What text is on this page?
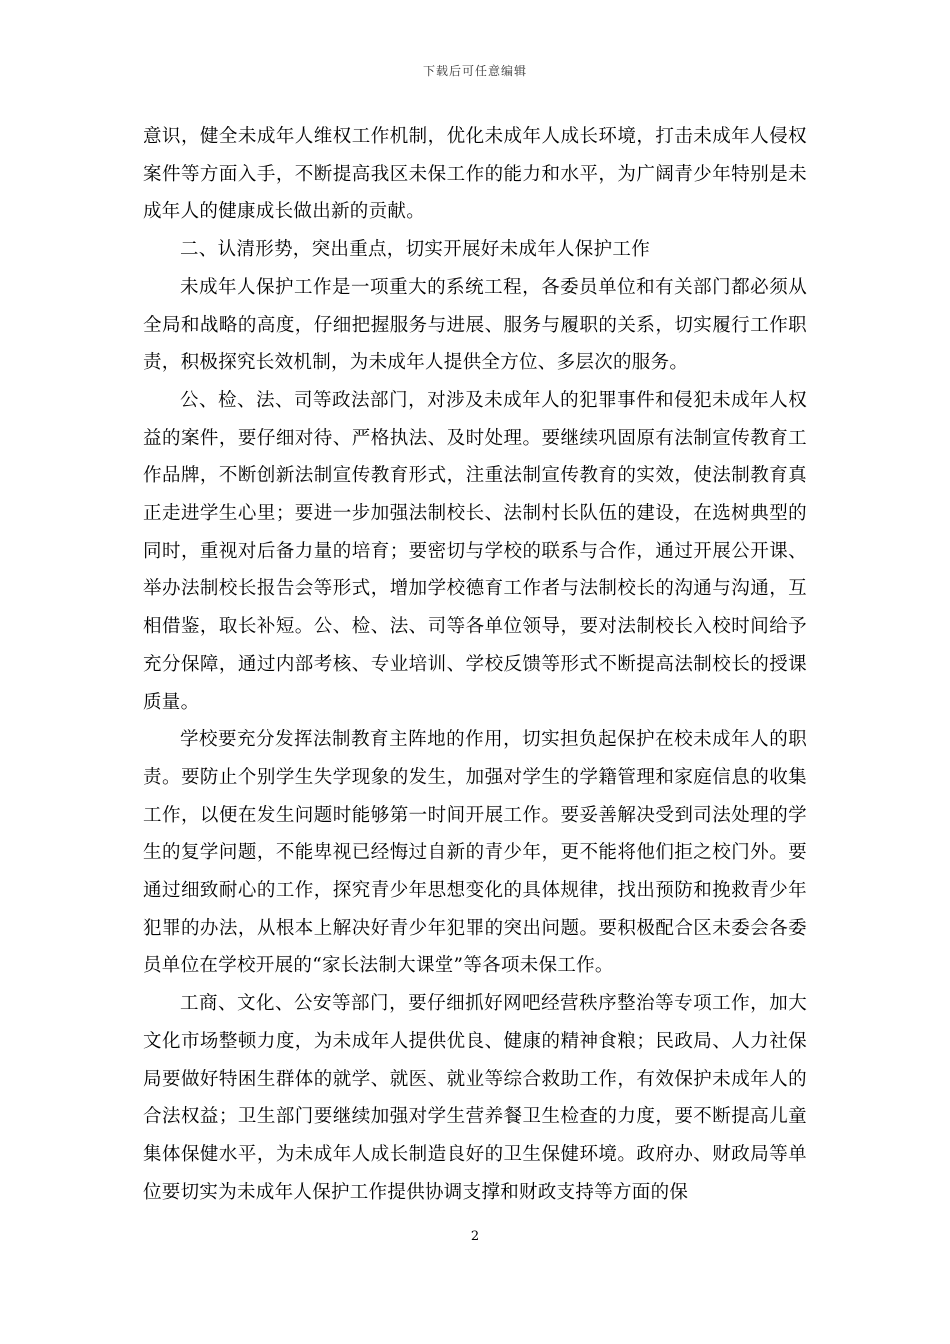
下载后可任意编辑

意识，健全未成年人维权工作机制，优化未成年人成长环境，打击未成年人侵权案件等方面入手，不断提高我区未保工作的能力和水平，为广阔青少年特别是未成年人的健康成长做出新的贡献。

二、认清形势，突出重点，切实开展好未成年人保护工作

未成年人保护工作是一项重大的系统工程，各委员单位和有关部门都必须从全局和战略的高度，仔细把握服务与进展、服务与履职的关系，切实履行工作职责，积极探究长效机制，为未成年人提供全方位、多层次的服务。

公、检、法、司等政法部门，对涉及未成年人的犯罪事件和侵犯未成年人权益的案件，要仔细对待、严格执法、及时处理。要继续巩固原有法制宣传教育工作品牌，不断创新法制宣传教育形式，注重法制宣传教育的实效，使法制教育真正走进学生心里；要进一步加强法制校长、法制村长队伍的建设，在选树典型的同时，重视对后备力量的培育；要密切与学校的联系与合作，通过开展公开课、举办法制校长报告会等形式，增加学校德育工作者与法制校长的沟通与沟通，互相借鉴，取长补短。公、检、法、司等各单位领导，要对法制校长入校时间给予充分保障，通过内部考核、专业培训、学校反馈等形式不断提高法制校长的授课质量。

学校要充分发挥法制教育主阵地的作用，切实担负起保护在校未成年人的职责。要防止个别学生失学现象的发生，加强对学生的学籍管理和家庭信息的收集工作，以便在发生问题时能够第一时间开展工作。要妥善解决受到司法处理的学生的复学问题，不能卑视已经悔过自新的青少年，更不能将他们拒之校门外。要通过细致耐心的工作，探究青少年思想变化的具体规律，找出预防和挽救青少年犯罪的办法，从根本上解决好青少年犯罪的突出问题。要积极配合区未委会各委员单位在学校开展的“家长法制大课堂”等各项未保工作。

工商、文化、公安等部门，要仔细抓好网吧经营秩序整治等专项工作，加大文化市场整顿力度，为未成年人提供优良、健康的精神食粮；民政局、人力社保局要做好特困生群体的就学、就医、就业等综合救助工作，有效保护未成年人的合法权益；卫生部门要继续加强对学生营养餐卫生检查的力度，要不断提高儿童集体保健水平，为未成年人成长制造良好的卫生保健环境。政府办、财政局等单位要切实为未成年人保护工作提供协调支撑和财政支持等方面的保

2
